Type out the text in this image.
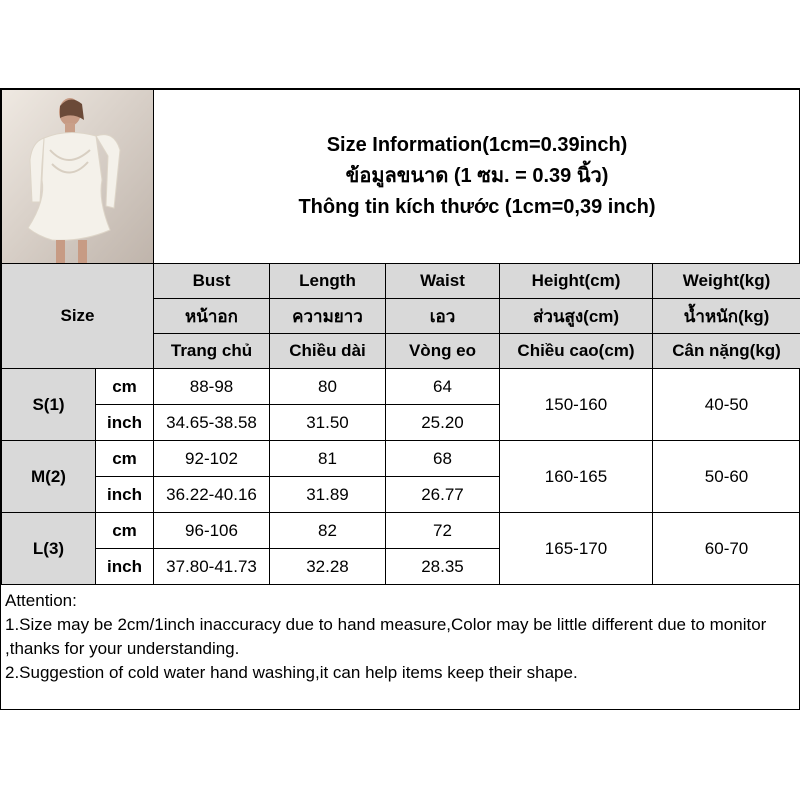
Size Information(1cm=0.39inch)
ข้อมูลขนาด (1 ซม. = 0.39 นิ้ว)
Thông tin kích thước (1cm=0,39 inch)				

Size		Bust	Length	Waist	Height(cm)	Weight(kg)
		หน้าอก	ความยาว	เอว	ส่วนสูง(cm)	น้ำหนัก(kg)
		Trang chủ	Chiều dài	Vòng eo	Chiều cao(cm)	Cân nặng(kg)
S(1)	cm	88-98	80	64	150-160	40-50
	inch	34.65-38.58	31.50	25.20		
M(2)	cm	92-102	81	68	160-165	50-60
	inch	36.22-40.16	31.89	26.77		
L(3)	cm	96-106	82	72	165-170	60-70
	inch	37.80-41.73	32.28	28.35		
Attention:
1.Size may be 2cm/1inch inaccuracy due to hand measure,Color may be little different due to monitor ,thanks for your understanding.
2.Suggestion of cold water hand washing,it can help items keep their shape.
